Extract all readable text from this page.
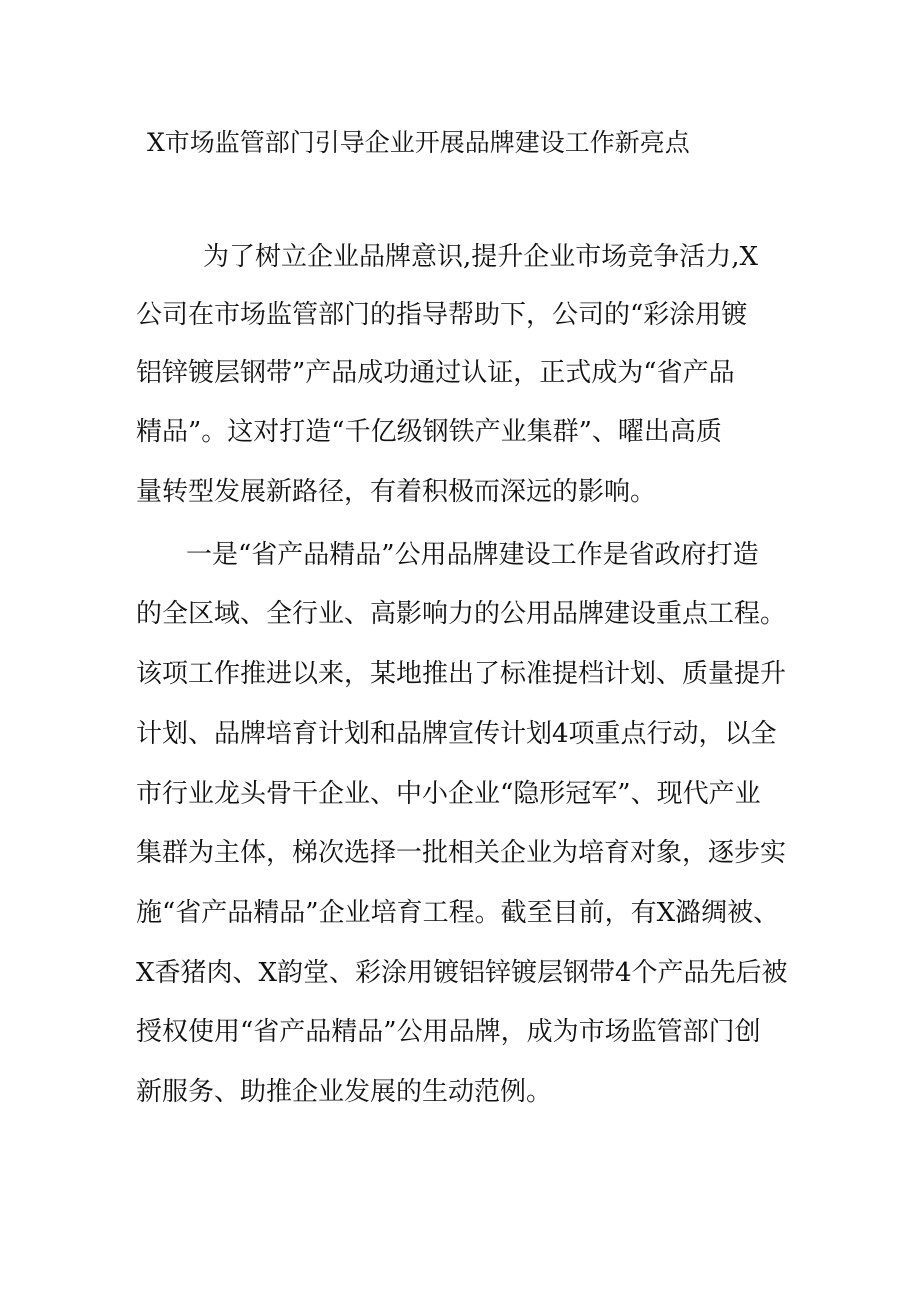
X市场监管部门引导企业开展品牌建设工作新亮点
为了树立企业品牌意识,提升企业市场竞争活力,X
公司在市场监管部门的指导帮助下，公司的“彩涂用镀
铝锌镀层钢带”产品成功通过认证，正式成为“省产品
精品”。这对打造“千亿级钢铁产业集群”、曜出高质
量转型发展新路径，有着积极而深远的影响。
一是“省产品精品”公用品牌建设工作是省政府打造
的全区域、全行业、高影响力的公用品牌建设重点工程。
该项工作推进以来，某地推出了标准提档计划、质量提升
计划、品牌培育计划和品牌宣传计划4项重点行动，以全
市行业龙头骨干企业、中小企业“隐形冠军”、现代产业
集群为主体，梯次选择一批相关企业为培育对象，逐步实
施“省产品精品”企业培育工程。截至目前，有X潞绸被、
X香猪肉、X韵堂、彩涂用镀铝锌镀层钢带4个产品先后被
授权使用“省产品精品”公用品牌，成为市场监管部门创
新服务、助推企业发展的生动范例。
